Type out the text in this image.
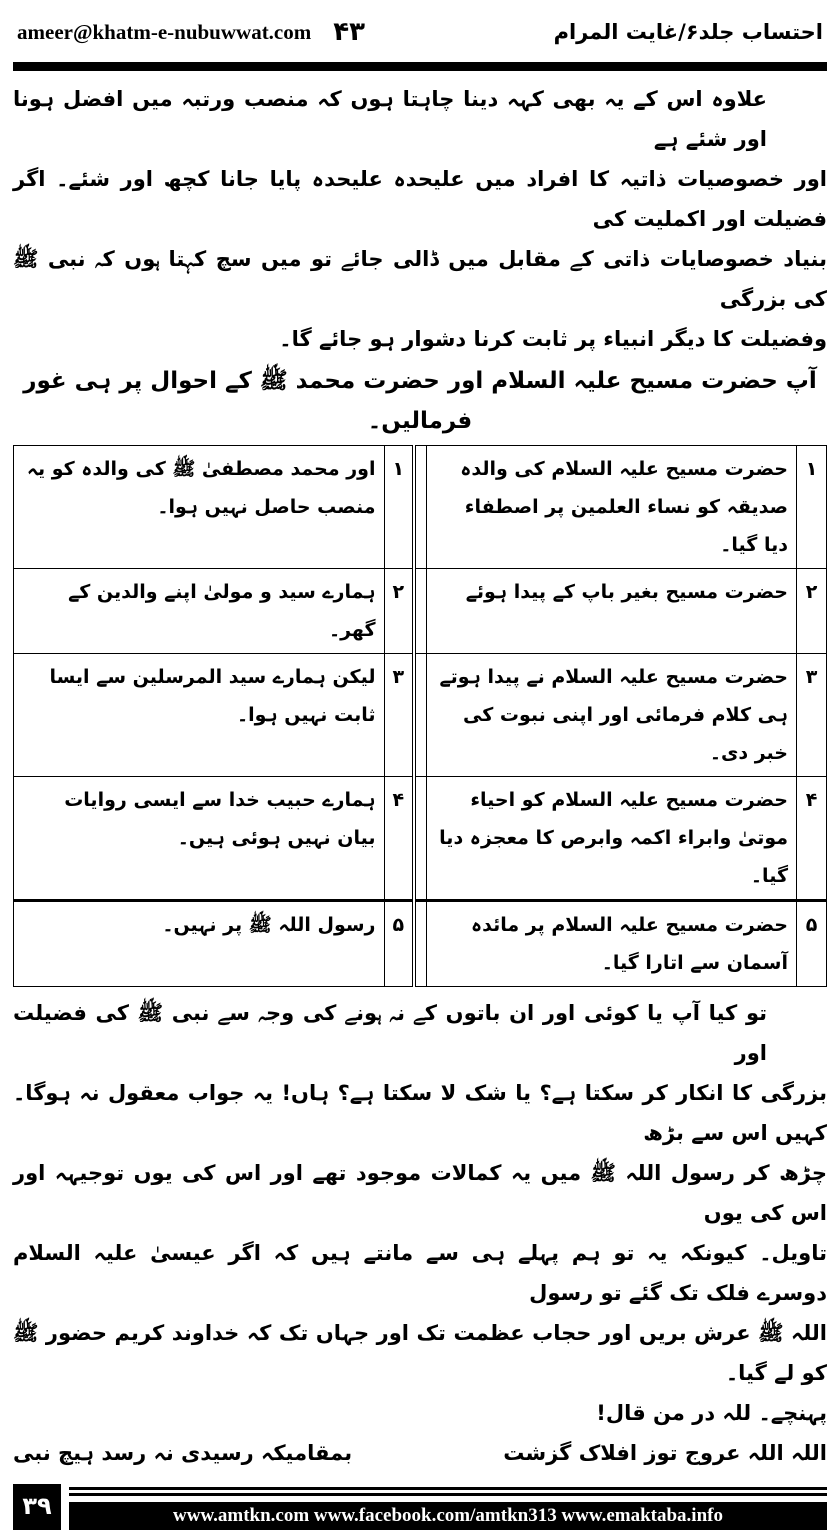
ameer@khatm-e-nubuwwat.com ۴۳	احتساب جلد۶/غایت المرام
علاوہ اس کے یہ بھی کہہ دینا چاہتا ہوں کہ منصب ورتبہ میں افضل ہونا اور شئے ہے
اور خصوصیات ذاتیہ کا افراد میں علیحدہ علیحدہ پایا جانا کچھ اور شئے۔ اگر فضیلت اور اکملیت کی
بنیاد خصوصایات ذاتی کے مقابل میں ڈالی جائے تو میں سچ کہتا ہوں کہ نبی ﷺ کی بزرگی
وفضیلت کا دیگر انبیاء پر ثابت کرنا دشوار ہو جائے گا۔
آپ حضرت مسیح علیہ السلام اور حضرت محمد ﷺ کے احوال پر ہی غور فرمالیں۔
۱	حضرت مسیح علیہ السلام کی والدہ صدیقہ کو نساء العلمین پر اصطفاء دیا گیا۔		۱	اور محمد مصطفیٰ ﷺ کی والدہ کو یہ منصب حاصل نہیں ہوا۔
۲	حضرت مسیح بغیر باپ کے پیدا ہوئے		۲	ہمارے سید و مولیٰ اپنے والدین کے گھر۔
۳	حضرت مسیح علیہ السلام نے پیدا ہوتے ہی کلام فرمائی اور اپنی نبوت کی خبر دی۔		۳	لیکن ہمارے سید المرسلین سے ایسا ثابت نہیں ہوا۔
۴	حضرت مسیح علیہ السلام کو احیاء موتیٰ وابراء اکمہ وابرص کا معجزہ دیا گیا۔		۴	ہمارے حبیب خدا سے ایسی روایات بیان نہیں ہوئی ہیں۔
۵	حضرت مسیح علیہ السلام پر مائدہ آسمان سے اتارا گیا۔		۵	رسول اللہ ﷺ پر نہیں۔
تو کیا آپ یا کوئی اور ان باتوں کے نہ ہونے کی وجہ سے نبی ﷺ کی فضیلت اور
بزرگی کا انکار کر سکتا ہے؟ یا شک لا سکتا ہے؟ ہاں! یہ جواب معقول نہ ہوگا۔ کہیں اس سے بڑھ
چڑھ کر رسول اللہ ﷺ میں یہ کمالات موجود تھے اور اس کی یوں توجیہہ اور اس کی یوں
تاویل۔ کیونکہ یہ تو ہم پہلے ہی سے مانتے ہیں کہ اگر عیسیٰ علیہ السلام دوسرے فلک تک گئے تو رسول
اللہ ﷺ عرش بریں اور حجاب عظمت تک اور جہاں تک کہ خداوند کریم حضور ﷺ کو لے گیا۔
پہنچے۔ للہ در من قال!
اللہ اللہ عروج توز افلاک گزشت
بمقامیکہ رسیدی نہ رسد ہیچ نبی
۳۹	www.amtkn.com www.facebook.com/amtkn313 www.emaktaba.info
